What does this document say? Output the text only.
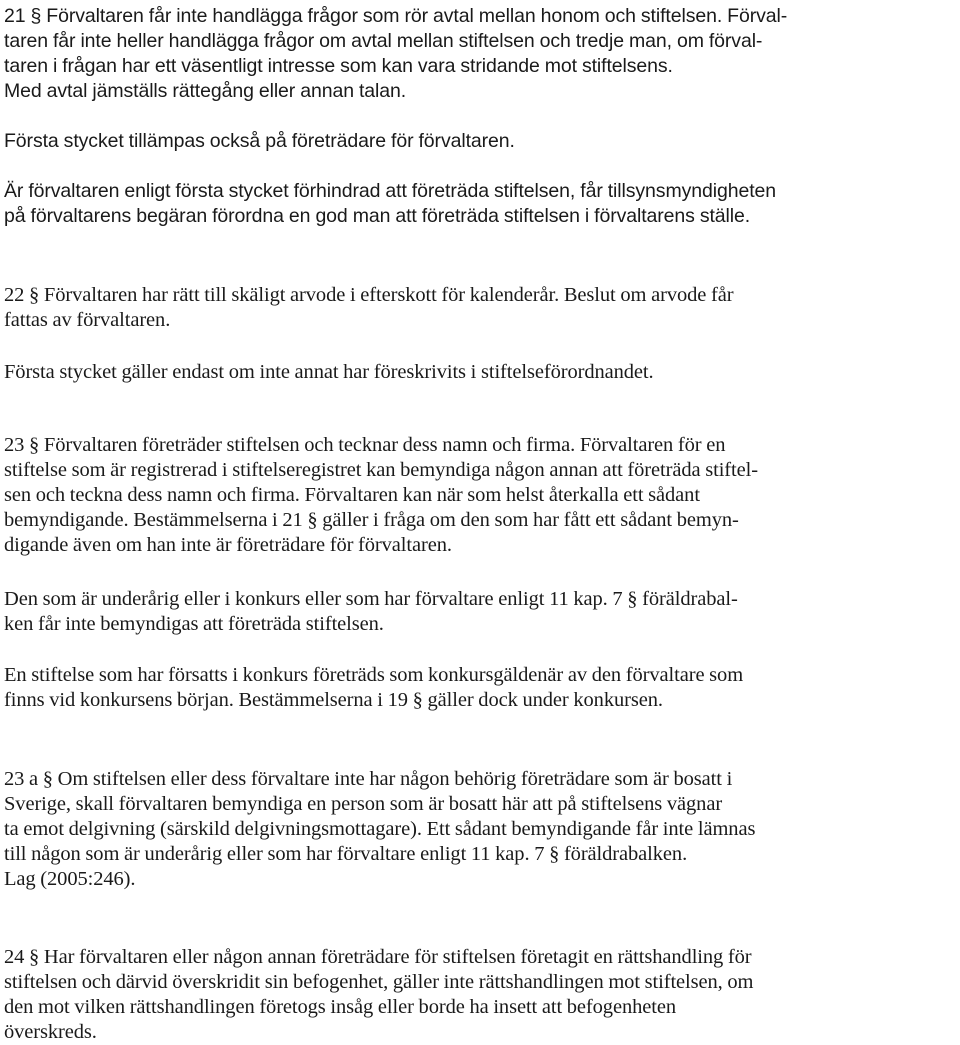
21 § Förvaltaren får inte handlägga frågor som rör avtal mellan honom och stiftelsen. Förval-
taren får inte heller handlägga frågor om avtal mellan stiftelsen och tredje man, om förval-
taren i frågan har ett väsentligt intresse som kan vara stridande mot stiftelsens.
Med avtal jämställs rättegång eller annan talan.
Första stycket tillämpas också på företrädare för förvaltaren.
Är förvaltaren enligt första stycket förhindrad att företräda stiftelsen, får tillsynsmyndigheten
på förvaltarens begäran förordna en god man att företräda stiftelsen i förvaltarens ställe.
22 § Förvaltaren har rätt till skäligt arvode i efterskott för kalenderår. Beslut om arvode får
fattas av förvaltaren.
Första stycket gäller endast om inte annat har föreskrivits i stiftelseförordnandet.
23 § Förvaltaren företräder stiftelsen och tecknar dess namn och firma. Förvaltaren för en
stiftelse som är registrerad i stiftelseregistret kan bemyndiga någon annan att företräda stiftel-
sen och teckna dess namn och firma. Förvaltaren kan när som helst återkalla ett sådant
bemyndigande. Bestämmelserna i 21 § gäller i fråga om den som har fått ett sådant bemyn-
digande även om han inte är företrädare för förvaltaren.
Den som är underårig eller i konkurs eller som har förvaltare enligt 11 kap. 7 § föräldrabal-
ken får inte bemyndigas att företräda stiftelsen.
En stiftelse som har försatts i konkurs företräds som konkursgäldenär av den förvaltare som
finns vid konkursens början. Bestämmelserna i 19 § gäller dock under konkursen.
23 a § Om stiftelsen eller dess förvaltare inte har någon behörig företrädare som är bosatt i
Sverige, skall förvaltaren bemyndiga en person som är bosatt här att på stiftelsens vägnar
ta emot delgivning (särskild delgivningsmottagare). Ett sådant bemyndigande får inte lämnas
till någon som är underårig eller som har förvaltare enligt 11 kap. 7 § föräldrabalken.
Lag (2005:246).
24 § Har förvaltaren eller någon annan företrädare för stiftelsen företagit en rättshandling för
stiftelsen och därvid överskridit sin befogenhet, gäller inte rättshandlingen mot stiftelsen, om
den mot vilken rättshandlingen företogs insåg eller borde ha insett att befogenheten
överskreds.
